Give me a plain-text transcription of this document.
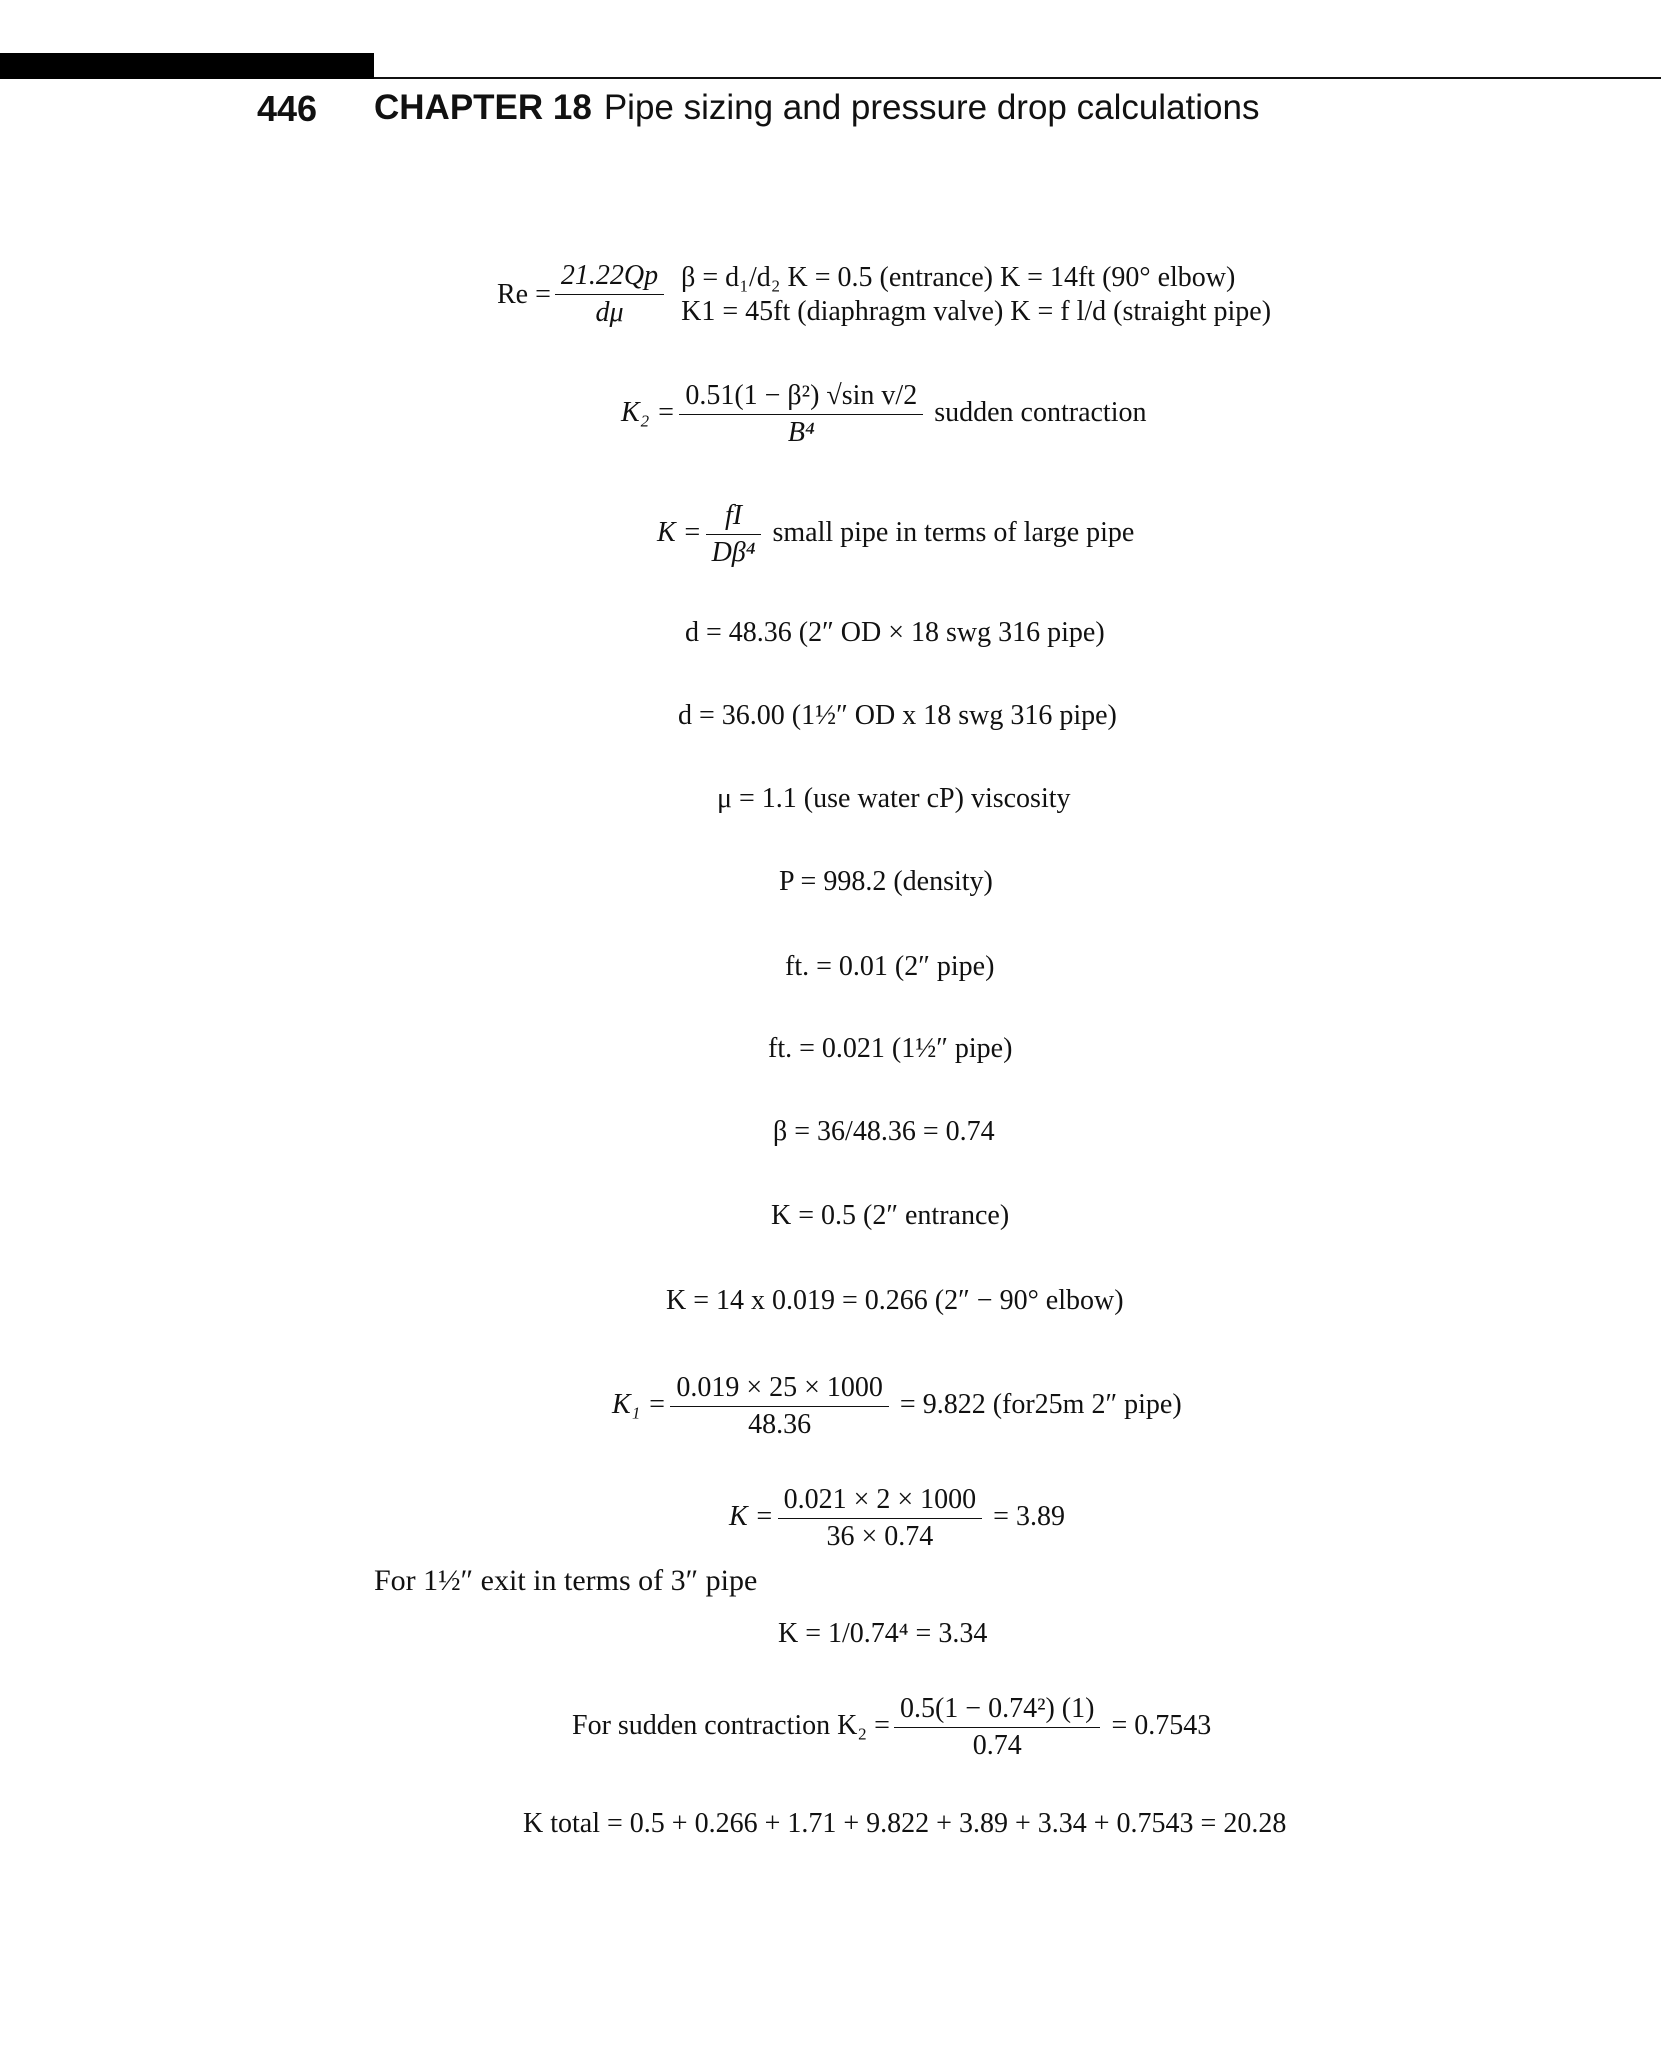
446 CHAPTER 18 Pipe sizing and pressure drop calculations
$Re = \frac{21.22Qp}{d\mu}$
β = d₁/d₂ K = 0.5 (entrance) K = 14ft (90° elbow)
K1 = 45ft (diaphragm valve) K = f l/d (straight pipe)
$K_2 = \frac{\text{0.51(1 − β²) √sin v/2}}{\text{B⁴}}$ sudden contraction
$K = \frac{fI}{\text{Dβ⁴}}$ small pipe in terms of large pipe
d = 48.36 (2″ OD × 18 swg 316 pipe)
d = 36.00 (1½″ OD x 18 swg 316 pipe)
μ = 1.1 (use water cP) viscosity
P = 998.2 (density)
ft. = 0.01 (2″ pipe)
ft. = 0.021 (1½″ pipe)
β = 36/48.36 = 0.74
K = 0.5 (2″ entrance)
K = 14 x 0.019 = 0.266 (2″ − 90° elbow)
$K_1 = \frac{0.019 \times 25 \times 1000}{48.36} = 9.822$ (for25m 2″ pipe)
$K = \frac{0.021 \times 2 \times 1000}{36 \times 0.74} = 3.89$
For 1½″ exit in terms of 3″ pipe
K = 1/0.74⁴ = 3.34
For sudden contraction $K_2 = \frac{\text{0.5(1 − 0.74²) (1)}}{0.74} = 0.7543$
K total = 0.5 + 0.266 + 1.71 + 9.822 + 3.89 + 3.34 + 0.7543 = 20.28
